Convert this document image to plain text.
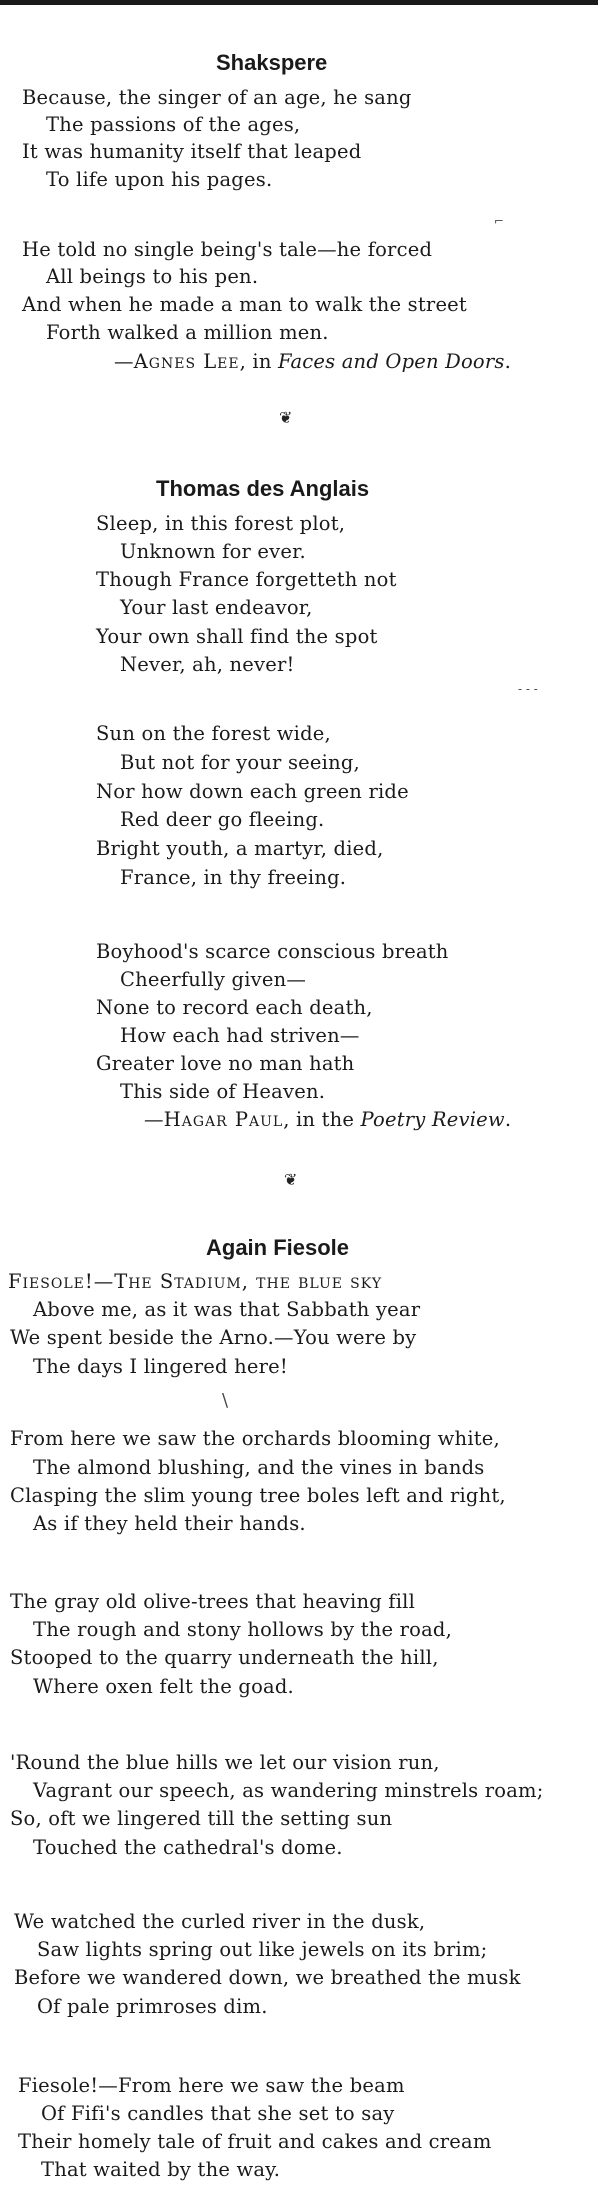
Shakspere
Because, the singer of an age, he sang
The passions of the ages,
It was humanity itself that leaped
To life upon his pages.
⌐
He told no single being's tale—he forced
All beings to his pen.
And when he made a man to walk the street
Forth walked a million men.
—Agnes Lee, in Faces and Open Doors.
❦
Thomas des Anglais
Sleep, in this forest plot,
Unknown for ever.
Though France forgetteth not
Your last endeavor,
Your own shall find the spot
Never, ah, never!
- - -
Sun on the forest wide,
But not for your seeing,
Nor how down each green ride
Red deer go fleeing.
Bright youth, a martyr, died,
France, in thy freeing.
Boyhood's scarce conscious breath
Cheerfully given—
None to record each death,
How each had striven—
Greater love no man hath
This side of Heaven.
—Hagar Paul, in the Poetry Review.
❦
Again Fiesole
Fiesole!—The Stadium, the blue sky
Above me, as it was that Sabbath year
We spent beside the Arno.—You were by
The days I lingered here!
\
From here we saw the orchards blooming white,
The almond blushing, and the vines in bands
Clasping the slim young tree boles left and right,
As if they held their hands.
The gray old olive-trees that heaving fill
The rough and stony hollows by the road,
Stooped to the quarry underneath the hill,
Where oxen felt the goad.
'Round the blue hills we let our vision run,
Vagrant our speech, as wandering minstrels roam;
So, oft we lingered till the setting sun
Touched the cathedral's dome.
We watched the curled river in the dusk,
Saw lights spring out like jewels on its brim;
Before we wandered down, we breathed the musk
Of pale primroses dim.
Fiesole!—From here we saw the beam
Of Fifi's candles that she set to say
Their homely tale of fruit and cakes and cream
That waited by the way.
